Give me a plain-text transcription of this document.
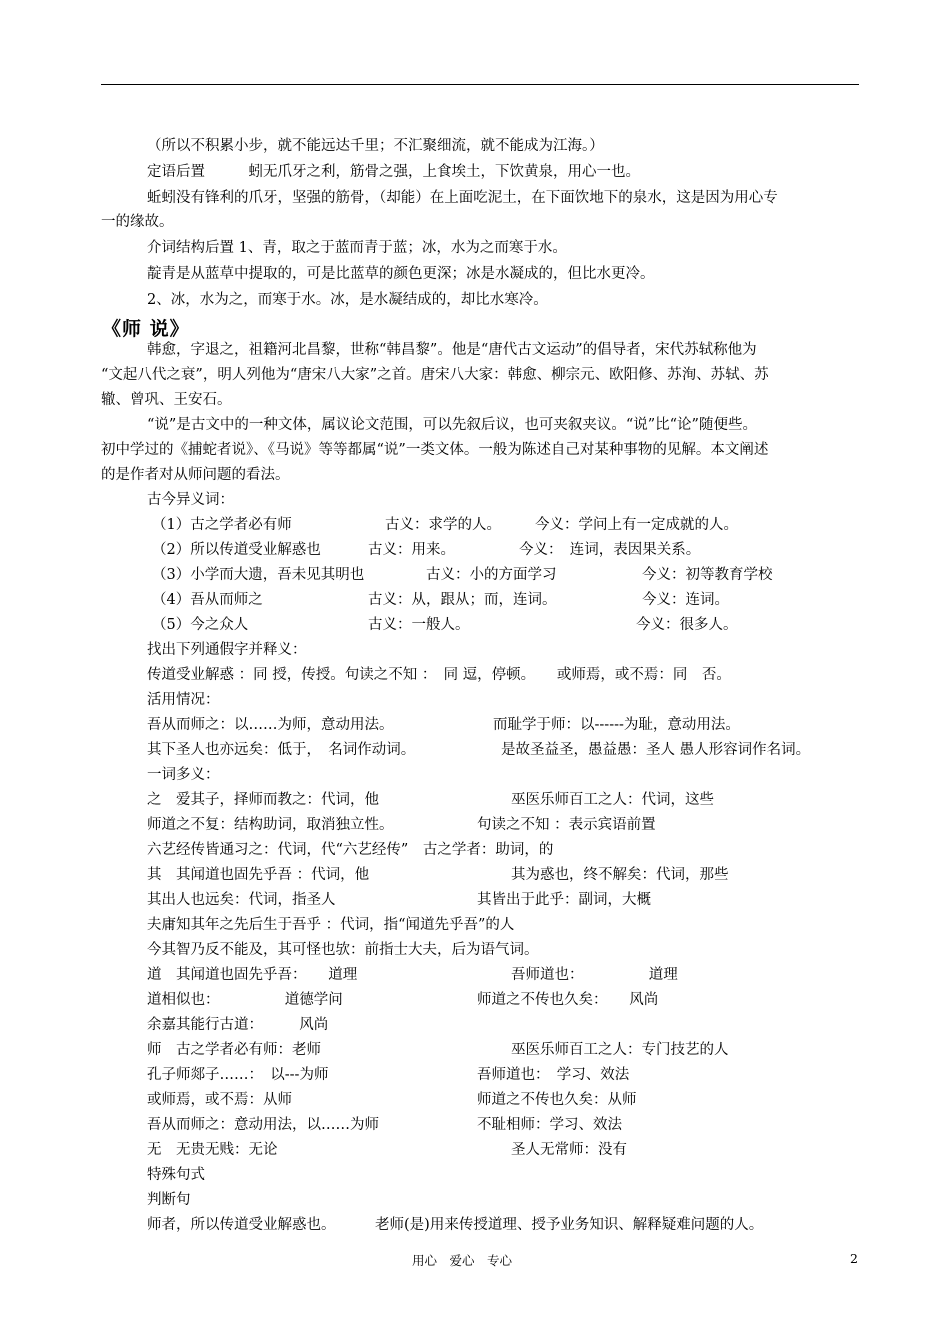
（所以不积累小步，就不能远达千里；不汇聚细流，就不能成为江海。）
定语后置　　　蚓无爪牙之利，筋骨之强，上食埃土，下饮黄泉，用心一也。
蚯蚓没有锋利的爪牙，坚强的筋骨，（却能）在上面吃泥土，在下面饮地下的泉水，这是因为用心专
一的缘故。
介词结构后置 1、青，取之于蓝而青于蓝；冰，水为之而寒于水。
靛青是从蓝草中提取的，可是比蓝草的颜色更深；冰是水凝成的，但比水更冷。
2、冰，水为之，而寒于水。冰，是水凝结成的，却比水寒冷。
《师 说》
韩愈，字退之，祖籍河北昌黎，世称“韩昌黎”。他是“唐代古文运动”的倡导者，宋代苏轼称他为
“文起八代之衰”，明人列他为“唐宋八大家”之首。唐宋八大家：韩愈、柳宗元、欧阳修、苏洵、苏轼、苏
辙、曾巩、王安石。
“说”是古文中的一种文体，属议论文范围，可以先叙后议，也可夹叙夹议。“说”比“论”随便些。
初中学过的《捕蛇者说》、《马说》等等都属“说”一类文体。一般为陈述自己对某种事物的见解。本文阐述
的是作者对从师问题的看法。
古今异义词：
（1）古之学者必有师	古义：求学的人。 今义：学问上有一定成就的人。
（2）所以传道受业解惑也	古义：用来。	今义：　连词，表因果关系。
（3）小学而大遗，吾未见其明也	古义：小的方面学习	今义：初等教育学校
（4）吾从而师之	古义：从，跟从；而，连词。	今义：连词。
（5）今之众人	古义：一般人。	今义：很多人。
找出下列通假字并释义：
传道受业解惑 ：同 授，传授。句读之不知 ：　同 逗，停顿。　　或师焉，或不焉：同　否。
活用情况：
吾从而师之：以……为师，意动用法。	而耻学于师：以------为耻，意动用法。
其下圣人也亦远矣：低于，　名词作动词。	是故圣益圣，愚益愚：圣人 愚人形容词作名词。
一词多义：
之　爱其子，择师而教之：代词，他	巫医乐师百工之人：代词，这些
师道之不复：结构助词，取消独立性。	句读之不知 ：表示宾语前置
六艺经传皆通习之：代词，代“六艺经传”　古之学者：助词，的
其　其闻道也固先乎吾 ：代词，他	其为惑也，终不解矣：代词，那些
其出人也远矣：代词，指圣人	其皆出于此乎：副词，大概
夫庸知其年之先后生于吾乎 ：代词，指“闻道先乎吾”的人
今其智乃反不能及，其可怪也欤：前指士大夫，后为语气词。
道　其闻道也固先乎吾：　　道理	吾师道也：　　　　　道理
道相似也：　　　　　道德学问	师道之不传也久矣：　　风尚
余嘉其能行古道：　　　风尚
师　古之学者必有师：老师	巫医乐师百工之人：专门技艺的人
孔子师郯子……：　以---为师	吾师道也：　学习、效法
或师焉，或不焉：从师	师道之不传也久矣：从师
吾从而师之：意动用法，以……为师	不耻相师：学习、效法
无　无贵无贱：无论	圣人无常师：没有
特殊句式
判断句
师者，所以传道受业解惑也。	老师(是)用来传授道理、授予业务知识、解释疑难问题的人。
用心　爱心　专心	2
